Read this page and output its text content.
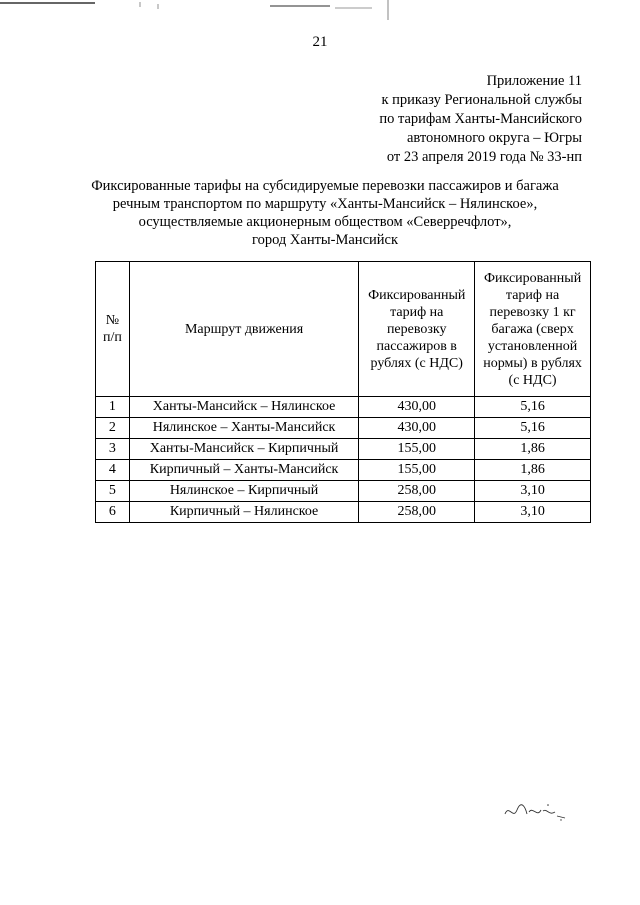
21
Приложение 11
к приказу Региональной службы
по тарифам Ханты-Мансийского
автономного округа – Югры
от 23 апреля 2019 года № 33-нп
Фиксированные тарифы на субсидируемые перевозки пассажиров и багажа
речным транспортом по маршруту «Ханты-Мансийск – Нялинское»,
осуществляемые акционерным обществом «Северречфлот»,
город Ханты-Мансийск
№ п/п	Маршрут движения	Фиксированный тариф на перевозку пассажиров в рублях (с НДС)	Фиксированный тариф на перевозку 1 кг багажа (сверх установленной нормы) в рублях (с НДС)
1	Ханты-Мансийск – Нялинское	430,00	5,16
2	Нялинское – Ханты-Мансийск	430,00	5,16
3	Ханты-Мансийск – Кирпичный	155,00	1,86
4	Кирпичный – Ханты-Мансийск	155,00	1,86
5	Нялинское – Кирпичный	258,00	3,10
6	Кирпичный – Нялинское	258,00	3,10
